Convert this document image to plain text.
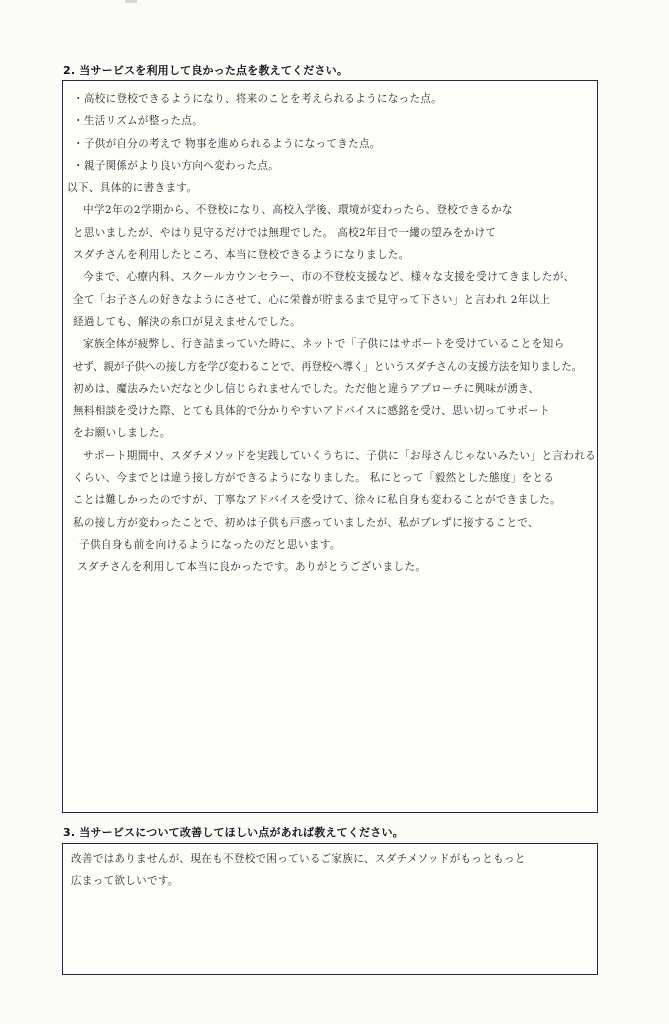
2. 当サービスを利用して良かった点を教えてください。
・高校に登校できるようになり、将来のことを考えられるようになった点。
・生活リズムが整った点。
・子供が自分の考えで 物事を進められるようになってきた点。
・親子関係がより良い方向へ変わった点。
以下、具体的に書きます。
中学2年の2学期から、不登校になり、高校入学後、環境が変わったら、登校できるかな
と思いましたが、やはり見守るだけでは無理でした。 高校2年目で一縷の望みをかけて
スダチさんを利用したところ、本当に登校できるようになりました。
今まで、心療内科、スクールカウンセラー、市の不登校支援など、様々な支援を受けてきましたが、
全て「お子さんの好きなようにさせて、心に栄養が貯まるまで見守って下さい」と言われ 2年以上
経過しても、解決の糸口が見えませんでした。
家族全体が疲弊し、行き詰まっていた時に、ネットで「子供にはサポートを受けていることを知ら
せず、親が子供への接し方を学び変わることで、再登校へ導く」というスダチさんの支援方法を知りました。
初めは、魔法みたいだなと少し信じられませんでした。ただ他と違うアプローチに興味が湧き、
無料相談を受けた際、とても具体的で分かりやすいアドバイスに感銘を受け、思い切ってサポート
をお願いしました。
サポート期間中、スダチメソッドを実践していくうちに、子供に「お母さんじゃないみたい」と言われる
くらい、今までとは違う接し方ができるようになりました。 私にとって「毅然とした態度」をとる
ことは難しかったのですが、丁寧なアドバイスを受けて、徐々に私自身も変わることができました。
私の接し方が変わったことで、初めは子供も戸惑っていましたが、私がブレずに接することで、
子供自身も前を向けるようになったのだと思います。
スダチさんを利用して本当に良かったです。ありがとうございました。
3. 当サービスについて改善してほしい点があれば教えてください。
改善ではありませんが、現在も不登校で困っているご家族に、スダチメソッドがもっともっと
広まって欲しいです。
